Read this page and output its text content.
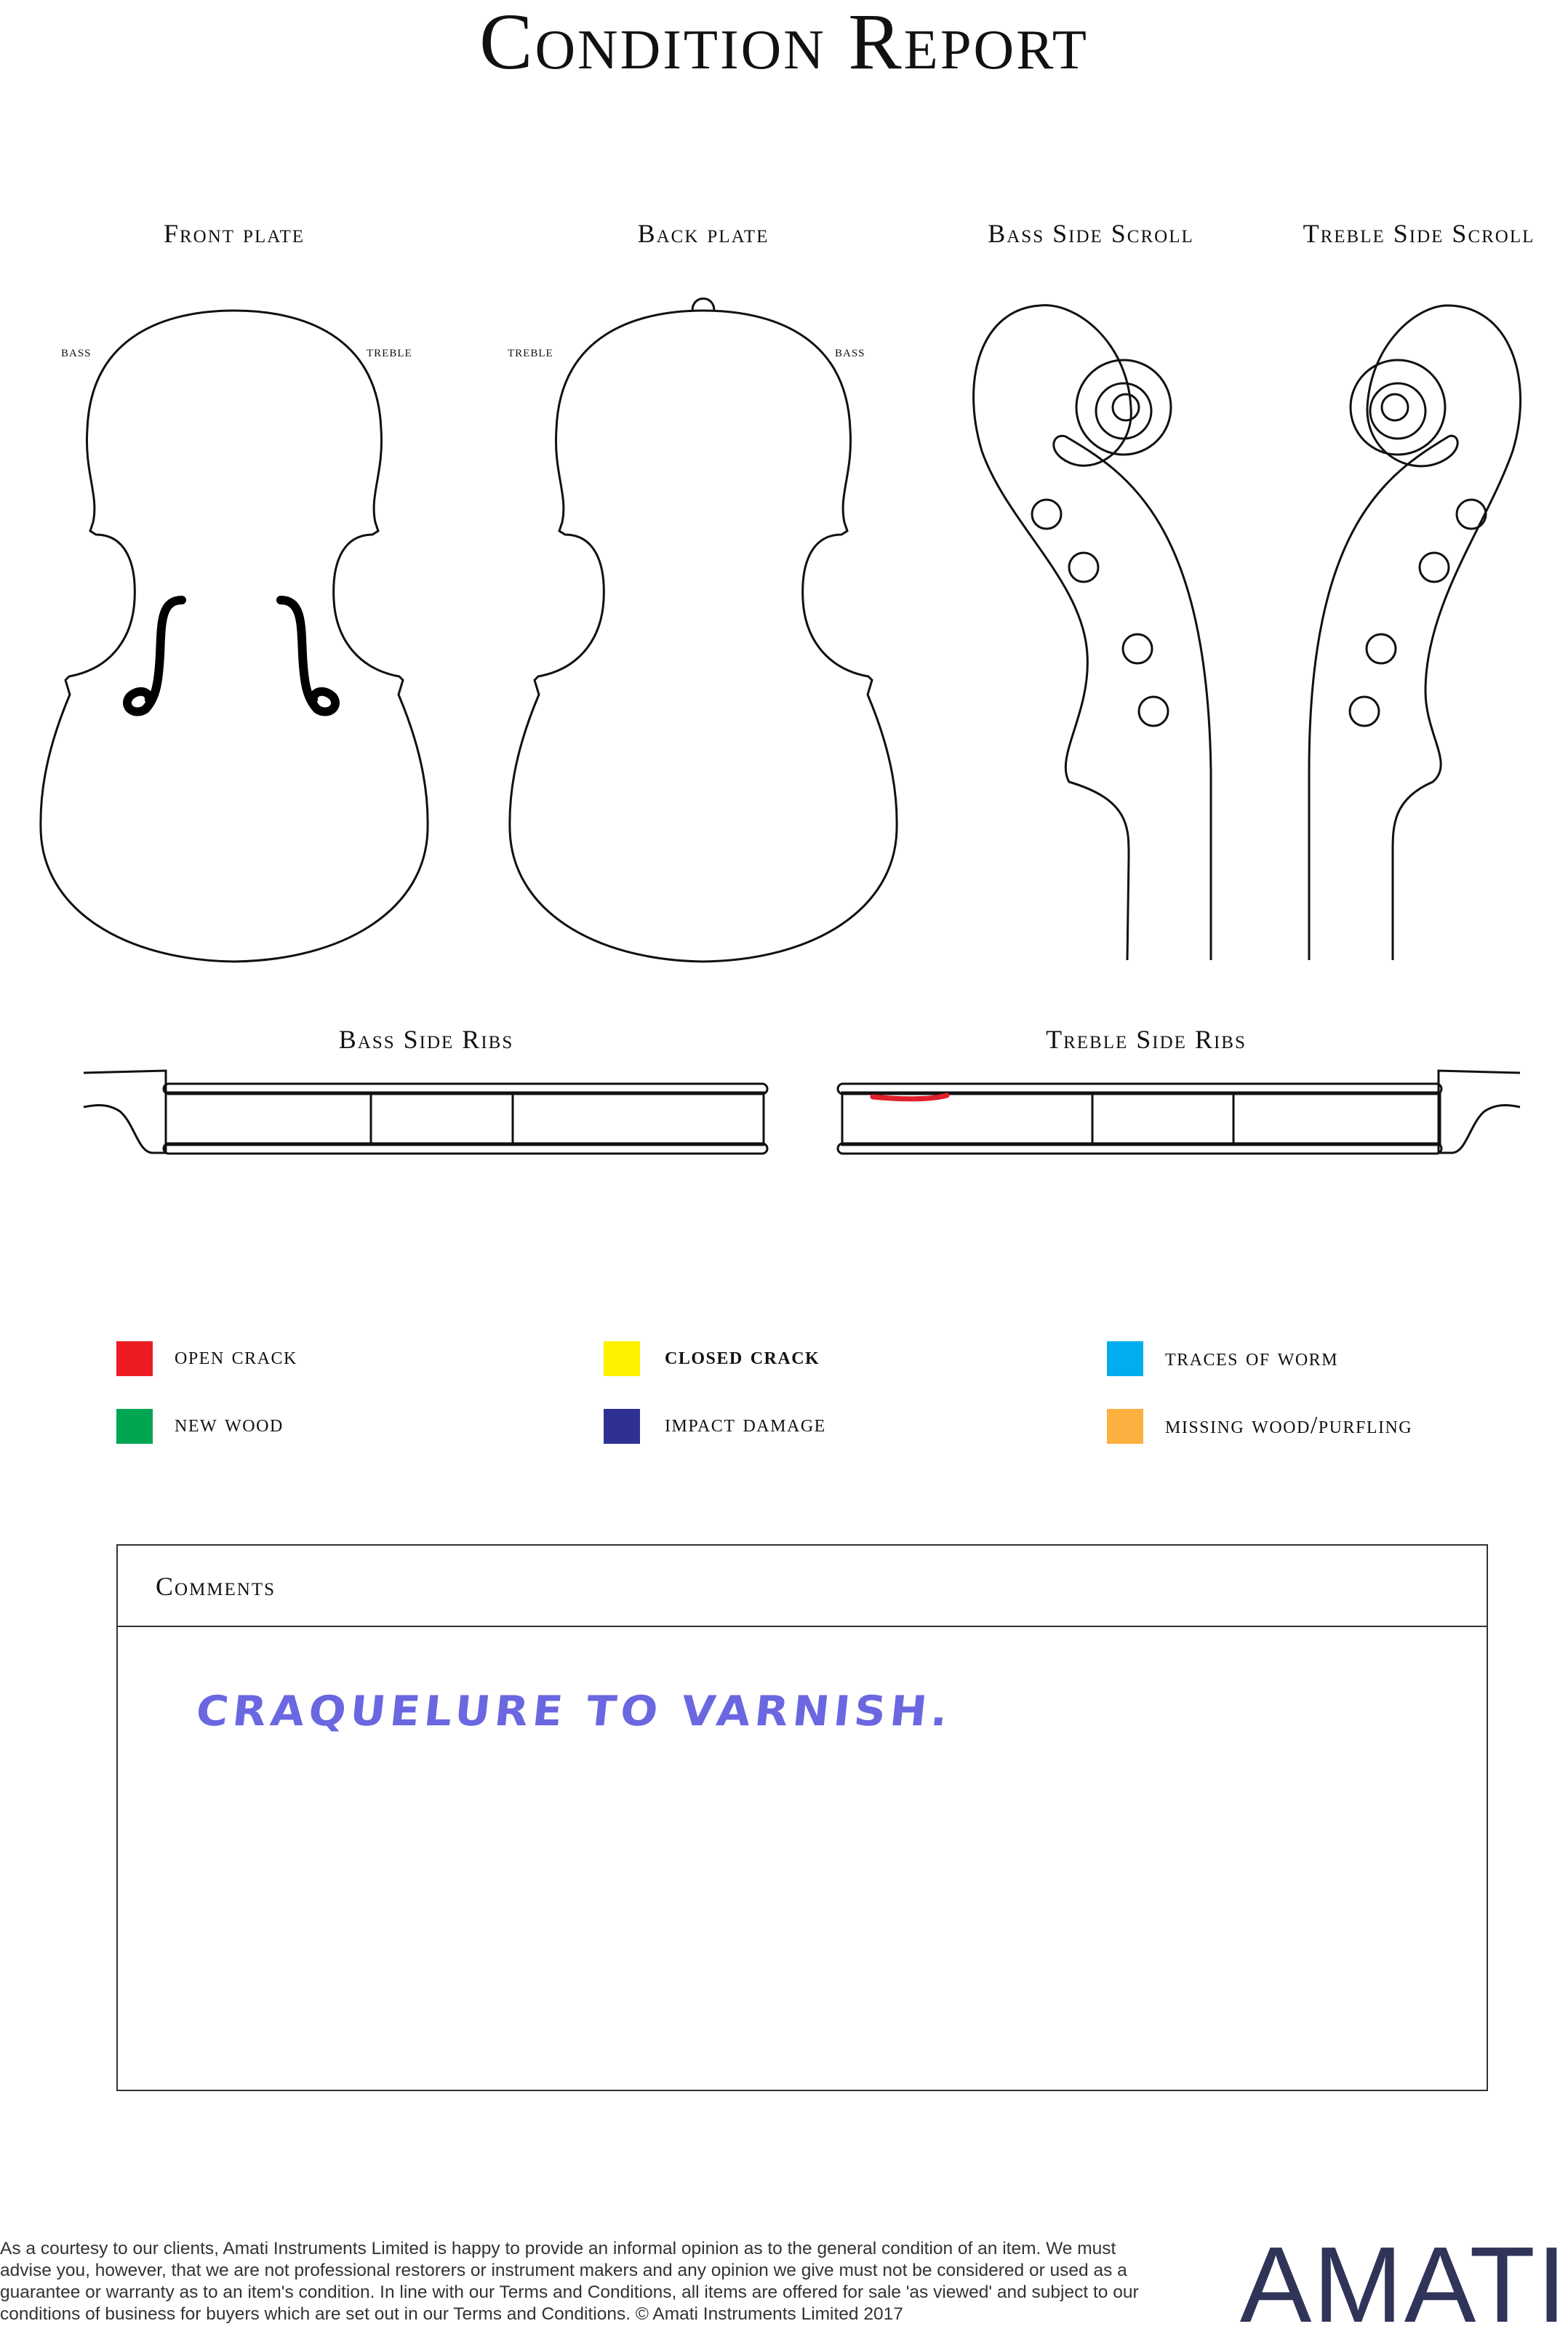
Condition Report
Front plate	Back plate	Bass Side Scroll	Treble Side Scroll
Bass Side Ribs	Treble Side Ribs
bass	treble	treble	bass
open crack	closed crack	traces of worm
new wood	impact damage	missing wood/purfling
Comments
CRAQUELURE TO VARNISH.
As a courtesy to our clients, Amati Instruments Limited is happy to provide an informal opinion as to the general condition of an item. We must advise you, however, that we are not professional restorers or instrument makers and any opinion we give must not be considered or used as a guarantee or warranty as to an item's condition. In line with our Terms and Conditions, all items are offered for sale 'as viewed' and subject to our conditions of business for buyers which are set out in our Terms and Conditions. © Amati Instruments Limited 2017	AMATI
